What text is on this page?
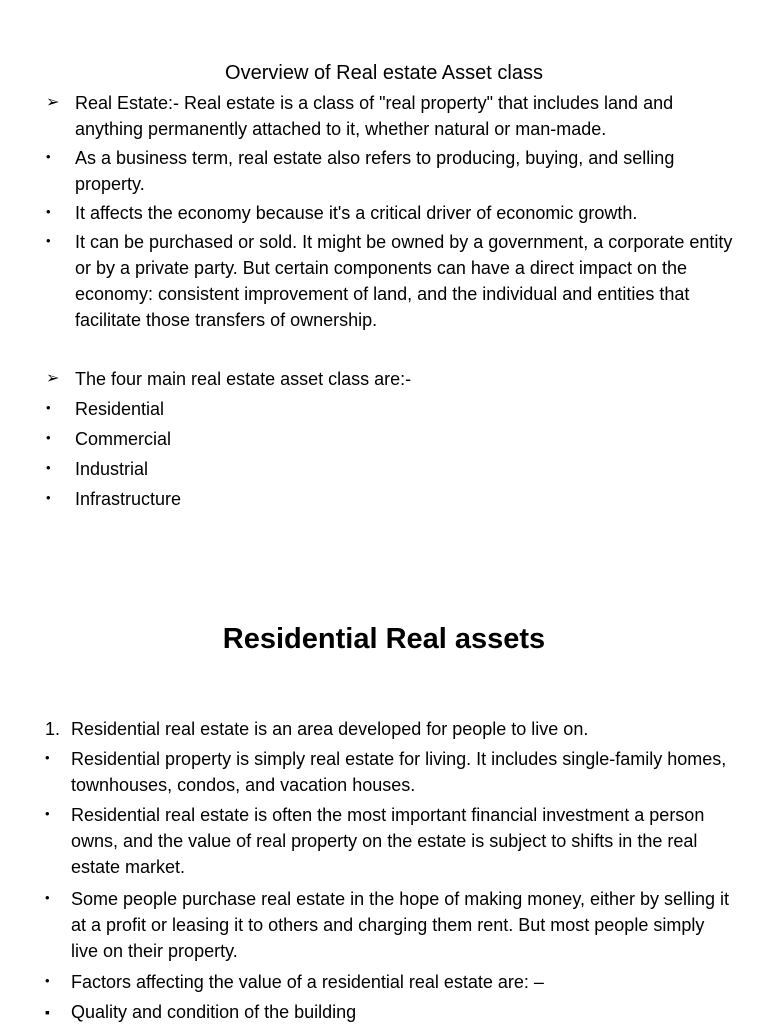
Overview of Real estate Asset class
➢ Real Estate:- Real estate is a class of "real property" that includes land and anything permanently attached to it, whether natural or man-made.
•	As a business term, real estate also refers to producing, buying, and selling property.
•	It affects the economy because it's a critical driver of economic growth.
•	It can be purchased or sold. It might be owned by a government, a corporate entity or by a private party. But certain components can have a direct impact on the economy: consistent improvement of land, and the individual and entities that facilitate those transfers of ownership.
➢ The four main real estate asset class are:-
•	Residential
•	Commercial
•	Industrial
•	Infrastructure
Residential Real assets
1. Residential real estate is an area developed for people to live on.
•	Residential property is simply real estate for living. It includes single-family homes, townhouses, condos, and vacation houses.
•	Residential real estate is often the most important financial investment a person owns, and the value of real property on the estate is subject to shifts in the real estate market.
•	Some people purchase real estate in the hope of making money, either by selling it at a profit or leasing it to others and charging them rent. But most people simply live on their property.
•	Factors affecting the value of a residential real estate are: –
▪	Quality and condition of the building
